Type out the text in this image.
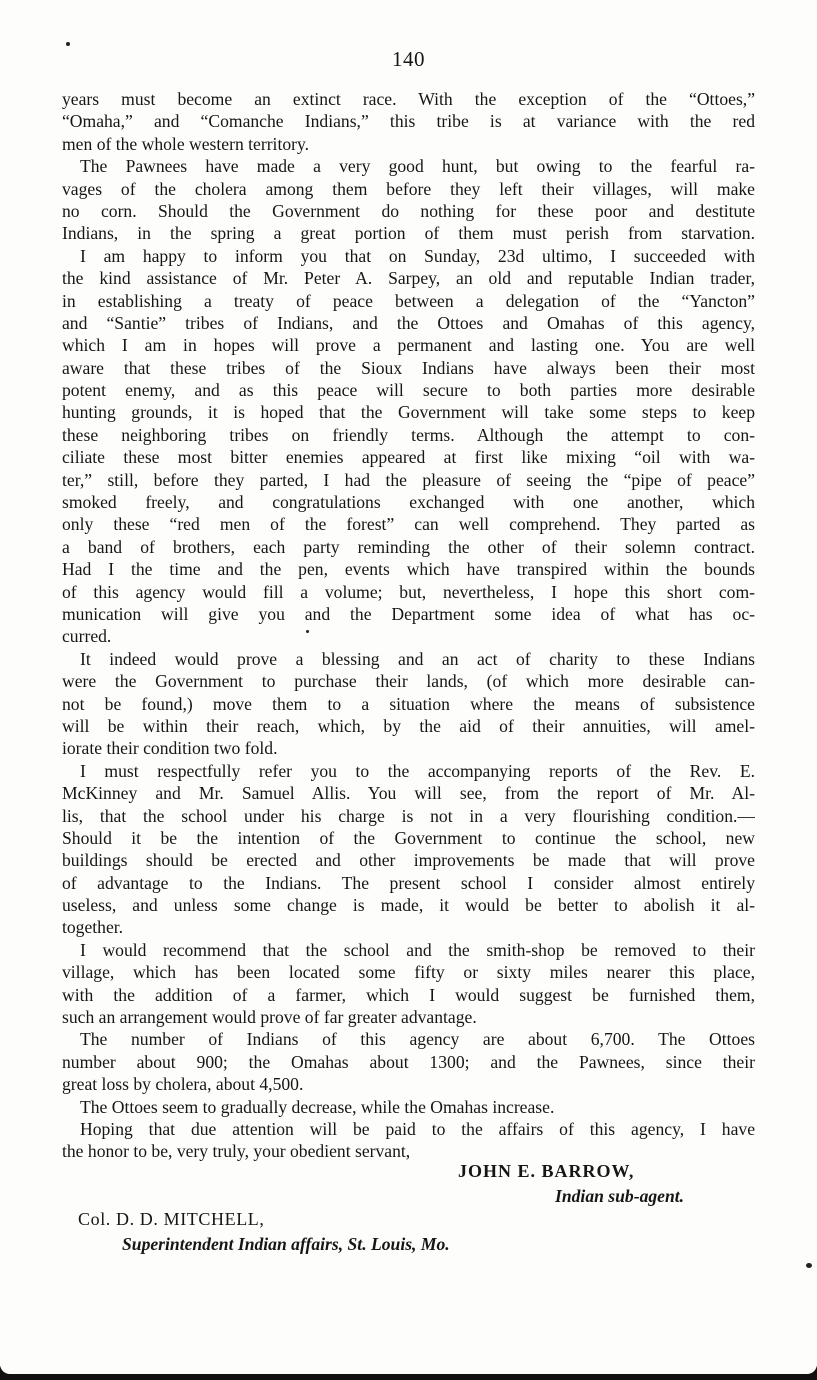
140
years must become an extinct race. With the exception of the “Ottoes,”
“Omaha,” and “Comanche Indians,” this tribe is at variance with the red
men of the whole western territory.
The Pawnees have made a very good hunt, but owing to the fearful ra-
vages of the cholera among them before they left their villages, will make
no corn. Should the Government do nothing for these poor and destitute
Indians, in the spring a great portion of them must perish from starvation.
I am happy to inform you that on Sunday, 23d ultimo, I succeeded with
the kind assistance of Mr. Peter A. Sarpey, an old and reputable Indian trader,
in establishing a treaty of peace between a delegation of the “Yancton”
and “Santie” tribes of Indians, and the Ottoes and Omahas of this agency,
which I am in hopes will prove a permanent and lasting one. You are well
aware that these tribes of the Sioux Indians have always been their most
potent enemy, and as this peace will secure to both parties more desirable
hunting grounds, it is hoped that the Government will take some steps to keep
these neighboring tribes on friendly terms. Although the attempt to con-
ciliate these most bitter enemies appeared at first like mixing “oil with wa-
ter,” still, before they parted, I had the pleasure of seeing the “pipe of peace”
smoked freely, and congratulations exchanged with one another, which
only these “red men of the forest” can well comprehend. They parted as
a band of brothers, each party reminding the other of their solemn contract.
Had I the time and the pen, events which have transpired within the bounds
of this agency would fill a volume; but, nevertheless, I hope this short com-
munication will give you and the Department some idea of what has oc-
curred.
It indeed would prove a blessing and an act of charity to these Indians
were the Government to purchase their lands, (of which more desirable can-
not be found,) move them to a situation where the means of subsistence
will be within their reach, which, by the aid of their annuities, will amel-
iorate their condition two fold.
I must respectfully refer you to the accompanying reports of the Rev. E.
McKinney and Mr. Samuel Allis. You will see, from the report of Mr. Al-
lis, that the school under his charge is not in a very flourishing condition.—
Should it be the intention of the Government to continue the school, new
buildings should be erected and other improvements be made that will prove
of advantage to the Indians. The present school I consider almost entirely
useless, and unless some change is made, it would be better to abolish it al-
together.
I would recommend that the school and the smith-shop be removed to their
village, which has been located some fifty or sixty miles nearer this place,
with the addition of a farmer, which I would suggest be furnished them,
such an arrangement would prove of far greater advantage.
The number of Indians of this agency are about 6,700. The Ottoes
number about 900; the Omahas about 1300; and the Pawnees, since their
great loss by cholera, about 4,500.
The Ottoes seem to gradually decrease, while the Omahas increase.
Hoping that due attention will be paid to the affairs of this agency, I have
the honor to be, very truly, your obedient servant,
JOHN E. BARROW,
Indian sub-agent.
Col. D. D. MITCHELL,
Superintendent Indian affairs, St. Louis, Mo.
